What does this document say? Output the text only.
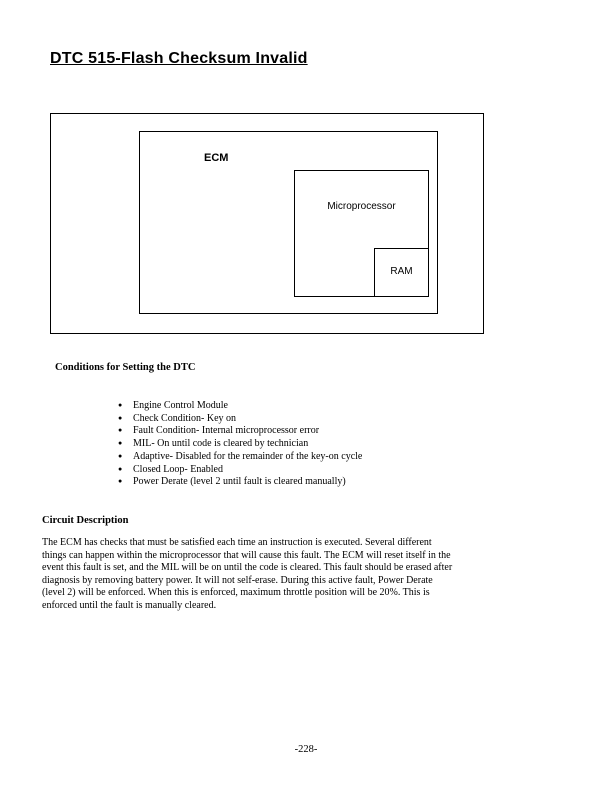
DTC 515-Flash Checksum Invalid
ECM
Microprocessor
RAM
Conditions for Setting the DTC
●	Engine Control Module
●	Check Condition- Key on
●	Fault Condition- Internal microprocessor error
●	MIL- On until code is cleared by technician
●	Adaptive- Disabled for the remainder of the key-on cycle
●	Closed Loop- Enabled
●	Power Derate (level 2 until fault is cleared manually)
Circuit Description
The ECM has checks that must be satisfied each time an instruction is executed. Several different things can happen within the microprocessor that will cause this fault. The ECM will reset itself in the event this fault is set, and the MIL will be on until the code is cleared. This fault should be erased after diagnosis by removing battery power. It will not self-erase. During this active fault, Power Derate (level 2) will be enforced. When this is enforced, maximum throttle position will be 20%. This is enforced until the fault is manually cleared.
-228-
